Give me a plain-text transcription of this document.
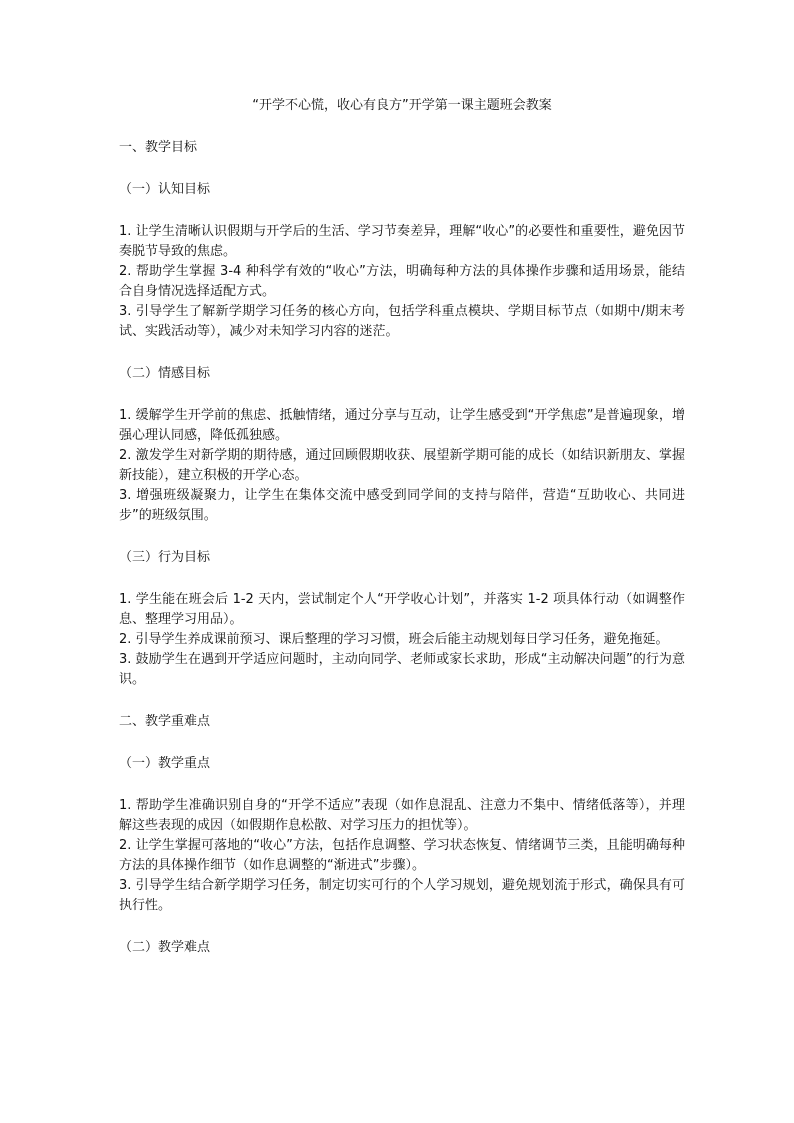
“开学不心慌，收心有良方”开学第一课主题班会教案
一、教学目标
（一）认知目标

1. 让学生清晰认识假期与开学后的生活、学习节奏差异，理解“收心”的必要性和重要性，避免因节奏脱节导致的焦虑。

2. 帮助学生掌握 3-4 种科学有效的“收心”方法，明确每种方法的具体操作步骤和适用场景，能结合自身情况选择适配方式。

3. 引导学生了解新学期学习任务的核心方向，包括学科重点模块、学期目标节点（如期中/期末考试、实践活动等），减少对未知学习内容的迷茫。

（二）情感目标

1. 缓解学生开学前的焦虑、抵触情绪，通过分享与互动，让学生感受到“开学焦虑”是普遍现象，增强心理认同感，降低孤独感。

2. 激发学生对新学期的期待感，通过回顾假期收获、展望新学期可能的成长（如结识新朋友、掌握新技能），建立积极的开学心态。

3. 增强班级凝聚力，让学生在集体交流中感受到同学间的支持与陪伴，营造“互助收心、共同进步”的班级氛围。

（三）行为目标

1. 学生能在班会后 1-2 天内，尝试制定个人“开学收心计划”，并落实 1-2 项具体行动（如调整作息、整理学习用品）。

2. 引导学生养成课前预习、课后整理的学习习惯，班会后能主动规划每日学习任务，避免拖延。

3. 鼓励学生在遇到开学适应问题时，主动向同学、老师或家长求助，形成“主动解决问题”的行为意识。

二、教学重难点
（一）教学重点

1. 帮助学生准确识别自身的“开学不适应”表现（如作息混乱、注意力不集中、情绪低落等），并理解这些表现的成因（如假期作息松散、对学习压力的担忧等）。

2. 让学生掌握可落地的“收心”方法，包括作息调整、学习状态恢复、情绪调节三类，且能明确每种方法的具体操作细节（如作息调整的“渐进式”步骤）。

3. 引导学生结合新学期学习任务，制定切实可行的个人学习规划，避免规划流于形式，确保具有可执行性。

（二）教学难点
